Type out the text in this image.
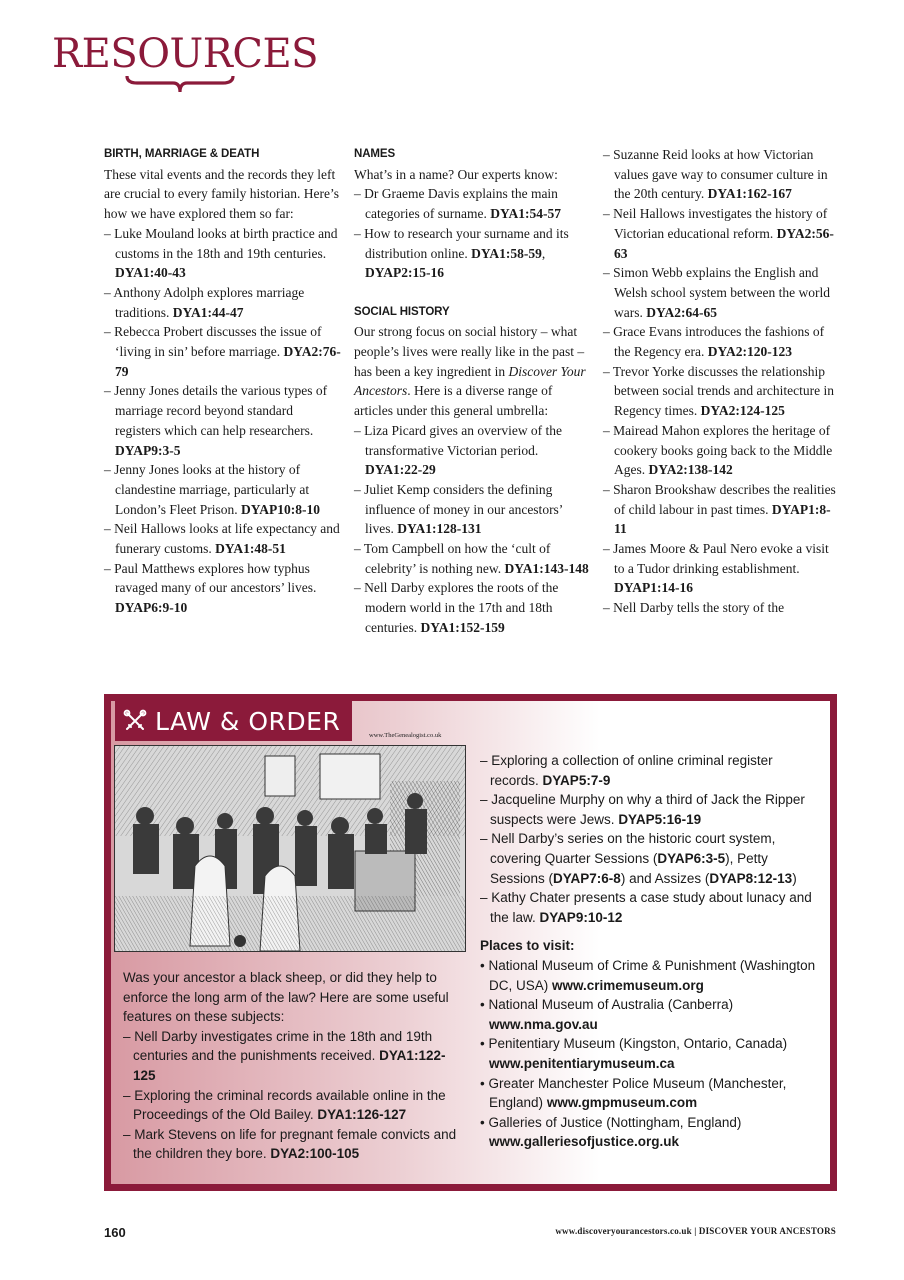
RESOURCES
BIRTH, MARRIAGE & DEATH
These vital events and the records they left are crucial to every family historian. Here’s how we have explored them so far:
– Luke Mouland looks at birth practice and customs in the 18th and 19th centuries. DYA1:40-43
– Anthony Adolph explores marriage traditions. DYA1:44-47
– Rebecca Probert discusses the issue of ‘living in sin’ before marriage. DYA2:76-79
– Jenny Jones details the various types of marriage record beyond standard registers which can help researchers. DYAP9:3-5
– Jenny Jones looks at the history of clandestine marriage, particularly at London’s Fleet Prison. DYAP10:8-10
– Neil Hallows looks at life expectancy and funerary customs. DYA1:48-51
– Paul Matthews explores how typhus ravaged many of our ancestors’ lives. DYAP6:9-10
NAMES
What’s in a name? Our experts know:
– Dr Graeme Davis explains the main categories of surname. DYA1:54-57
– How to research your surname and its distribution online. DYA1:58-59, DYAP2:15-16
SOCIAL HISTORY
Our strong focus on social history – what people’s lives were really like in the past – has been a key ingredient in Discover Your Ancestors. Here is a diverse range of articles under this general umbrella:
– Liza Picard gives an overview of the transformative Victorian period. DYA1:22-29
– Juliet Kemp considers the defining influence of money in our ancestors’ lives. DYA1:128-131
– Tom Campbell on how the ‘cult of celebrity’ is nothing new. DYA1:143-148
– Nell Darby explores the roots of the modern world in the 17th and 18th centuries. DYA1:152-159
– Suzanne Reid looks at how Victorian values gave way to consumer culture in the 20th century. DYA1:162-167
– Neil Hallows investigates the history of Victorian educational reform. DYA2:56-63
– Simon Webb explains the English and Welsh school system between the world wars. DYA2:64-65
– Grace Evans introduces the fashions of the Regency era. DYA2:120-123
– Trevor Yorke discusses the relationship between social trends and architecture in Regency times. DYA2:124-125
– Mairead Mahon explores the heritage of cookery books going back to the Middle Ages. DYA2:138-142
– Sharon Brookshaw describes the realities of child labour in past times. DYAP1:8-11
– James Moore & Paul Nero evoke a visit to a Tudor drinking establishment. DYAP1:14-16
– Nell Darby tells the story of the
LAW & ORDER	www.TheGenealogist.co.uk
Was your ancestor a black sheep, or did they help to enforce the long arm of the law? Here are some useful features on these subjects:
– Nell Darby investigates crime in the 18th and 19th centuries and the punishments received. DYA1:122-125
– Exploring the criminal records available online in the Proceedings of the Old Bailey. DYA1:126-127
– Mark Stevens on life for pregnant female convicts and the children they bore. DYA2:100-105
– Exploring a collection of online criminal register records. DYAP5:7-9
– Jacqueline Murphy on why a third of Jack the Ripper suspects were Jews. DYAP5:16-19
– Nell Darby’s series on the historic court system, covering Quarter Sessions (DYAP6:3-5), Petty Sessions (DYAP7:6-8) and Assizes (DYAP8:12-13)
– Kathy Chater presents a case study about lunacy and the law. DYAP9:10-12
Places to visit:
• National Museum of Crime & Punishment (Washington DC, USA) www.crimemuseum.org
• National Museum of Australia (Canberra) www.nma.gov.au
• Penitentiary Museum (Kingston, Ontario, Canada) www.penitentiarymuseum.ca
• Greater Manchester Police Museum (Manchester, England) www.gmpmuseum.com
• Galleries of Justice (Nottingham, England) www.galleriesofjustice.org.uk
160	www.discoveryourancestors.co.uk | DISCOVER YOUR ANCESTORS
